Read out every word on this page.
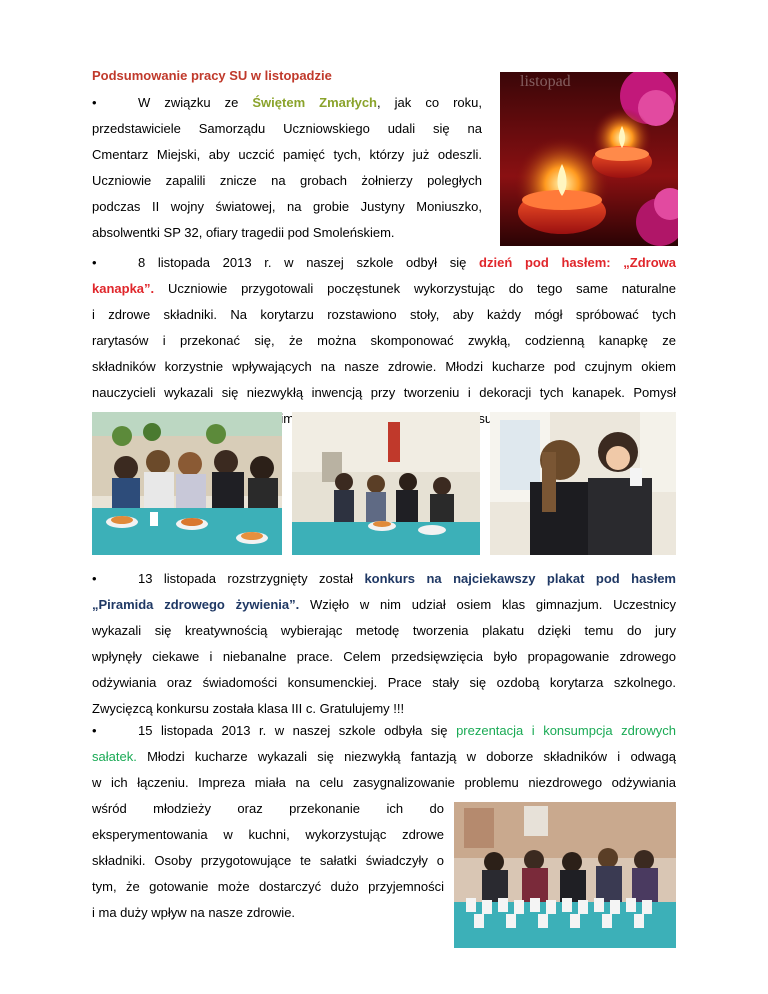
Podsumowanie pracy SU w listopadzie
•	W związku ze Świętem Zmarłych, jak co roku,
przedstawiciele Samorządu Uczniowskiego udali się na
Cmentarz Miejski, aby uczcić pamięć tych, którzy już odeszli.
Uczniowie zapalili znicze na grobach żołnierzy poległych
podczas II wojny światowej, na grobie Justyny Moniuszko,
absolwentki SP 32, ofiary tragedii pod Smoleńskiem.
listopad
•	8 listopada 2013 r. w naszej szkole odbył się dzień pod hasłem: „Zdrowa
kanapka”. Uczniowie przygotowali poczęstunek wykorzystując do tego same naturalne
i zdrowe składniki. Na korytarzu rozstawiono stoły, aby każdy mógł spróbować tych
rarytasów i przekonać się, że można skomponować zwykłą, codzienną kanapkę ze
składników korzystnie wpływających na nasze zdrowie. Młodzi kucharze pod czujnym okiem
nauczycieli wykazali się niezwykłą inwencją przy tworzeniu i dekoracji tych kanapek. Pomysł
•	13 listopada rozstrzygnięty został konkurs na najciekawszy plakat pod hasłem
„Piramida zdrowego żywienia”. Wzięło w nim udział osiem klas gimnazjum. Uczestnicy
wykazali się kreatywnością wybierając metodę tworzenia plakatu dzięki temu do jury
wpłynęły ciekawe i niebanalne prace. Celem przedsięwzięcia było propagowanie zdrowego
odżywiania oraz świadomości konsumenckiej. Prace stały się ozdobą korytarza szkolnego.
Zwycięzcą konkursu została klasa III c. Gratulujemy !!!
•	15 listopada 2013 r. w naszej szkole odbyła się prezentacja i konsumpcja zdrowych
sałatek. Młodzi kucharze wykazali się niezwykłą fantazją w doborze składników i odwagą
w ich łączeniu. Impreza miała na celu zasygnalizowanie problemu niezdrowego odżywiania
wśród młodzieży oraz przekonanie ich do
eksperymentowania w kuchni, wykorzystując zdrowe
składniki. Osoby przygotowujące te sałatki świadczyły o
tym, że gotowanie może dostarczyć dużo przyjemności
i ma duży wpływ na nasze zdrowie.
